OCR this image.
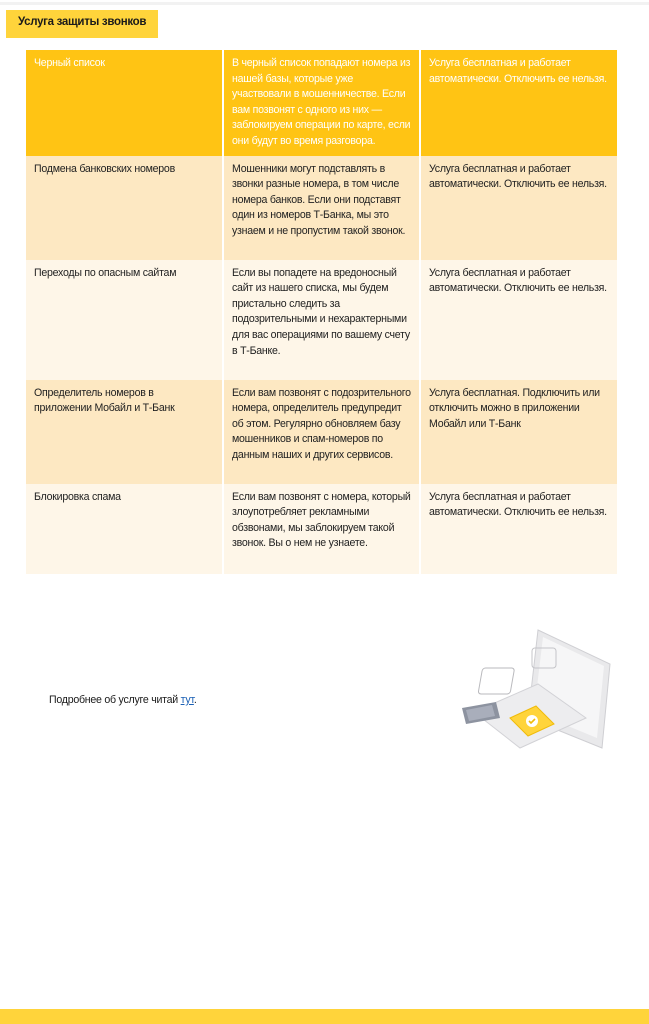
Услуга защиты звонков
Черный список	В черный список попадают номера из нашей базы, которые уже участвовали в мошенничестве. Если вам позвонят с одного из них — заблокируем операции по карте, если они будут во время разговора.	Услуга бесплатная и работает автоматически. Отключить ее нельзя.
Подмена банковских номеров	Мошенники могут подставлять в звонки разные номера, в том числе номера банков. Если они подставят один из номеров Т-Банка, мы это узнаем и не пропустим такой звонок.	Услуга бесплатная и работает автоматически. Отключить ее нельзя.
Переходы по опасным сайтам	Если вы попадете на вредоносный сайт из нашего списка, мы будем пристально следить за подозрительными и нехарактерными для вас операциями по вашему счету в Т-Банке.	Услуга бесплатная и работает автоматически. Отключить ее нельзя.
Определитель номеров в приложении Мобайл и Т-Банк	Если вам позвонят с подозрительного номера, определитель предупредит об этом. Регулярно обновляем базу мошенников и спам-номеров по данным наших и других сервисов.	Услуга бесплатная. Подключить или отключить можно в приложении Мобайл или Т-Банк
Блокировка спама	Если вам позвонят с номера, который злоупотребляет рекламными обзвонами, мы заблокируем такой звонок. Вы о нем не узнаете.	Услуга бесплатная и работает автоматически. Отключить ее нельзя.
Подробнее об услуге читай тут.
